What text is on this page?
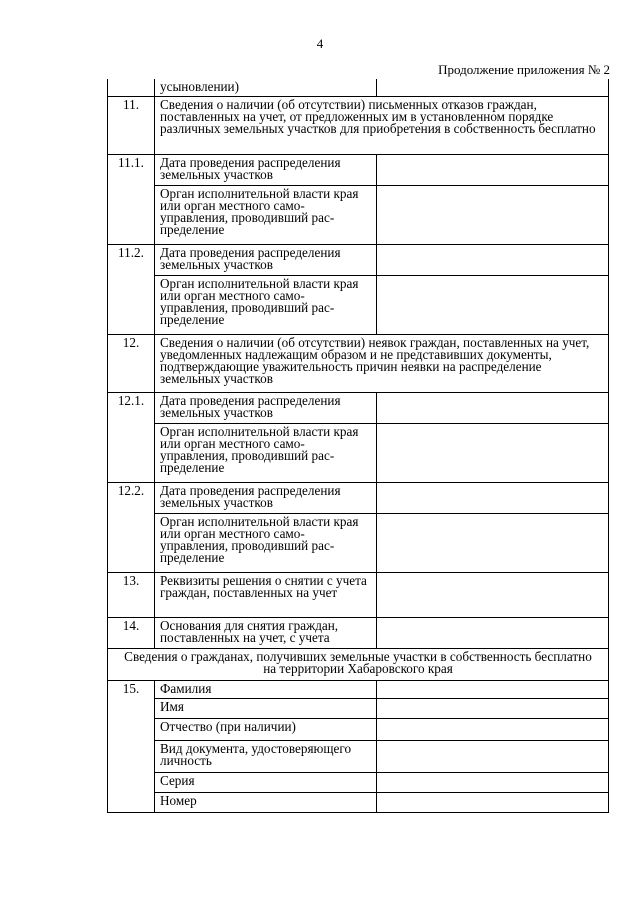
4
Продолжение приложения № 2
	усыновлении)	
11.	Сведения о наличии (об отсутствии) письменных отказов граждан, поставленных на учет, от предложенных им в установленном порядке различных земельных участков для приобретения в собственность бесплатно	
11.1.	Дата проведения распределения земельных участков	
	Орган исполнительной власти края или орган местного само-управления, проводивший рас-пределение	
11.2.	Дата проведения распределения земельных участков	
	Орган исполнительной власти края или орган местного само-управления, проводивший рас-пределение	
12.	Сведения о наличии (об отсутствии) неявок граждан, поставленных на учет, уведомленных надлежащим образом и не представивших документы, подтверждающие уважительность причин неявки на распределение земельных участков	
12.1.	Дата проведения распределения земельных участков	
	Орган исполнительной власти края или орган местного само-управления, проводивший рас-пределение	
12.2.	Дата проведения распределения земельных участков	
	Орган исполнительной власти края или орган местного само-управления, проводивший рас-пределение	
13.	Реквизиты решения о снятии с учета граждан, поставленных на учет	
14.	Основания для снятия граждан, поставленных на учет, с учета	
Сведения о гражданах, получивших земельные участки в собственность бесплатно на территории Хабаровского края		
15.	Фамилия	
	Имя	
	Отчество (при наличии)	
	Вид документа, удостоверяющего личность	
	Серия	
	Номер	
